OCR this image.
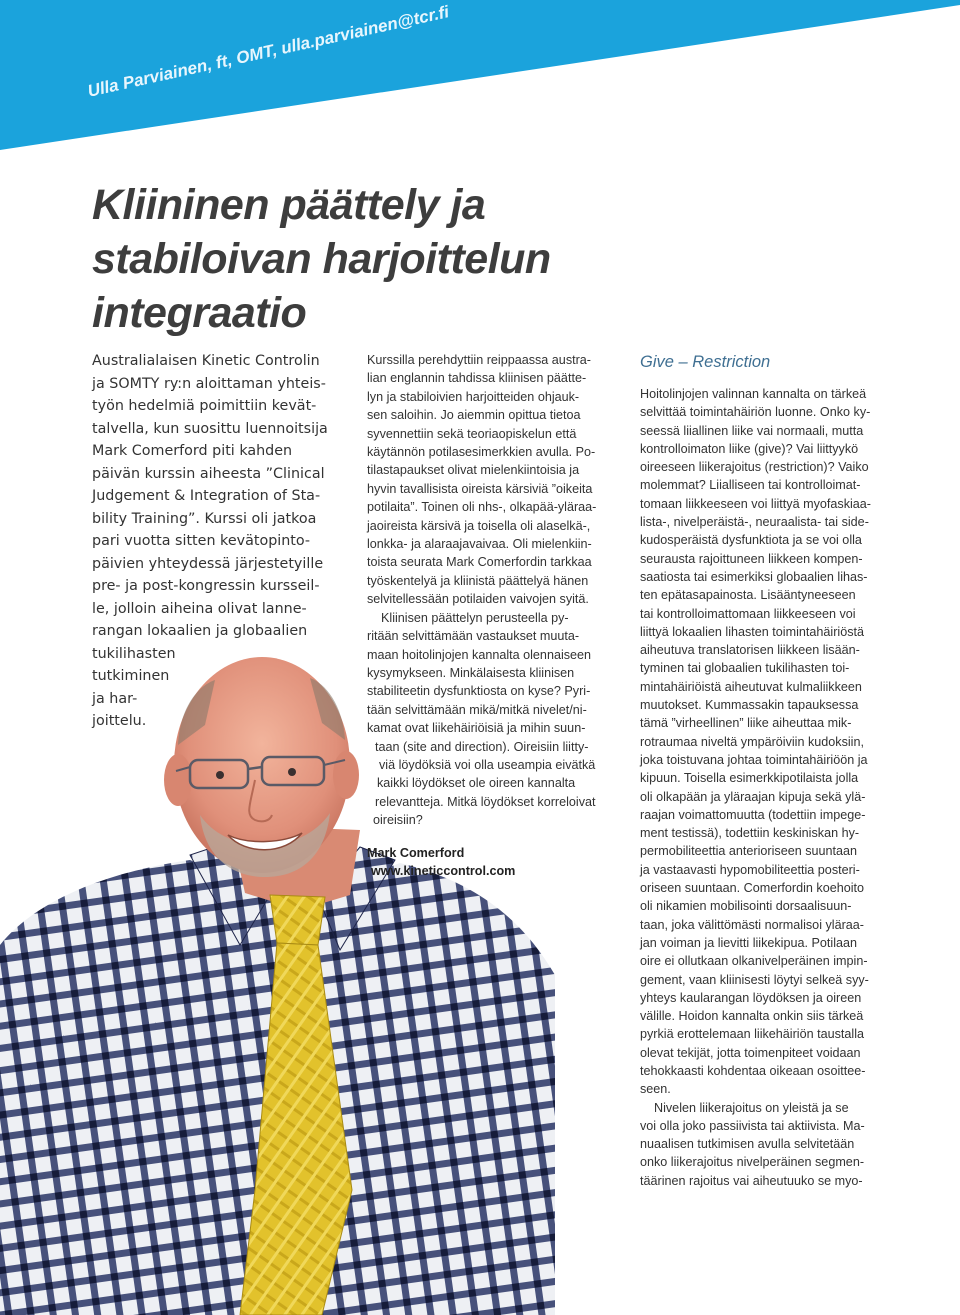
Ulla Parviainen, ft, OMT, ulla.parviainen@tcr.fi

Kliininen päättely ja
stabiloivan harjoittelun
integraatio
Australialaisen Kinetic Controlin
ja SOMTY ry:n aloittaman yhteis-
työn hedelmiä poimittiin kevät-
talvella, kun suosittu luennoitsija
Mark Comerford piti kahden
päivän kurssin aiheesta ”Clinical
Judgement & Integration of Sta-
bility Training”. Kurssi oli jatkoa
pari vuotta sitten kevätopinto-
päivien yhteydessä järjestetyille
pre- ja post-kongressin kursseil-
le, jolloin aiheina olivat lanne-
rangan lokaalien ja globaalien
tukilihasten
tutkiminen
ja har-
joittelu.
Kurssilla perehdyttiin reippaassa austra-
lian englannin tahdissa kliinisen päätte-
lyn ja stabiloivien harjoitteiden ohjauk-
sen saloihin. Jo aiemmin opittua tietoa
syvennettiin sekä teoriaopiskelun että
käytännön potilasesimerkkien avulla. Po-
tilastapaukset olivat mielenkiintoisia ja
hyvin tavallisista oireista kärsiviä ”oikeita
potilaita”. Toinen oli nhs-, olkapää-yläraa-
jaoireista kärsivä ja toisella oli alaselkä-,
lonkka- ja alaraajavaivaa. Oli mielenkiin-
toista seurata Mark Comerfordin tarkkaa
työskentelyä ja kliinistä päättelyä hänen
selvitellessään potilaiden vaivojen syitä.
Kliinisen päättelyn perusteella py-
ritään selvittämään vastaukset muuta-
maan hoitolinjojen kannalta olennaiseen
kysymykseen. Minkälaisesta kliinisen
stabiliteetin dysfunktiosta on kyse? Pyri-
tään selvittämään mikä/mitkä nivelet/ni-
kamat ovat liikehäiriöisiä ja mihin suun-
taan (site and direction). Oireisiin liitty-
viä löydöksiä voi olla useampia eivätkä
kaikki löydökset ole oireen kannalta
relevantteja. Mitkä löydökset korreloivat
oireisiin?
Mark Comerford
www.kineticcontrol.com
Give – Restriction
Hoitolinjojen valinnan kannalta on tärkeä
selvittää toimintahäiriön luonne. Onko ky-
seessä liiallinen liike vai normaali, mutta
kontrolloimaton liike (give)? Vai liittyykö
oireeseen liikerajoitus (restriction)? Vaiko
molemmat? Liialliseen tai kontrolloimat-
tomaan liikkeeseen voi liittyä myofaskiaa-
lista-, nivelperäistä-, neuraalista- tai side-
kudosperäistä dysfunktiota ja se voi olla
seurausta rajoittuneen liikkeen kompen-
saatiosta tai esimerkiksi globaalien lihas-
ten epätasapainosta. Lisääntyneeseen
tai kontrolloimattomaan liikkeeseen voi
liittyä lokaalien lihasten toimintahäiriöstä
aiheutuva translatorisen liikkeen lisään-
tyminen tai globaalien tukilihasten toi-
mintahäiriöistä aiheutuvat kulmaliikkeen
muutokset. Kummassakin tapauksessa
tämä ”virheellinen” liike aiheuttaa mik-
rotraumaa niveltä ympäröiviin kudoksiin,
joka toistuvana johtaa toimintahäiriöön ja
kipuun. Toisella esimerkkipotilaista jolla
oli olkapään ja yläraajan kipuja sekä ylä-
raajan voimattomuutta (todettiin impege-
ment testissä), todettiin keskiniskan hy-
permobiliteettia anterioriseen suuntaan
ja vastaavasti hypomobiliteettia posteri-
oriseen suuntaan. Comerfordin koehoito
oli nikamien mobilisointi dorsaalisuun-
taan, joka välittömästi normalisoi yläraa-
jan voiman ja lievitti liikekipua. Potilaan
oire ei ollutkaan olkanivelperäinen impin-
gement, vaan kliinisesti löytyi selkeä syy-
yhteys kaularangan löydöksen ja oireen
välille. Hoidon kannalta onkin siis tärkeä
pyrkiä erottelemaan liikehäiriön taustalla
olevat tekijät, jotta toimenpiteet voidaan
tehokkaasti kohdentaa oikeaan osoittee-
seen.
Nivelen liikerajoitus on yleistä ja se
voi olla joko passiivista tai aktiivista. Ma-
nuaalisen tutkimisen avulla selvitetään
onko liikerajoitus nivelperäinen segmen-
täärinen rajoitus vai aiheutuuko se myo-
